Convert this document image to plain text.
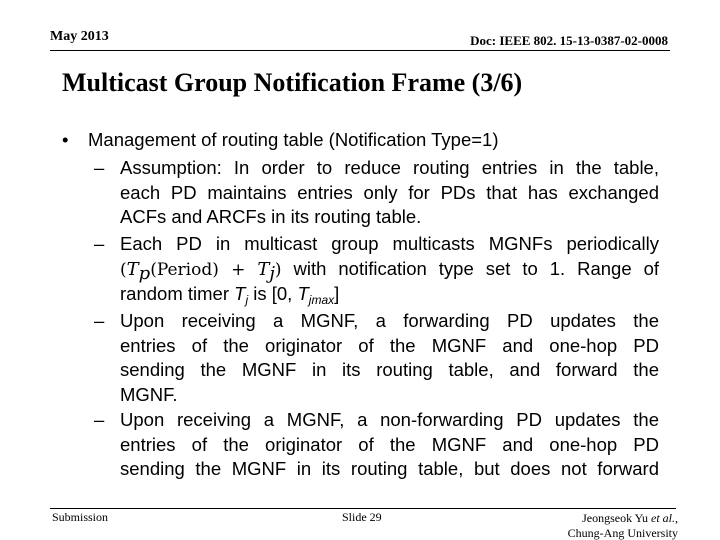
May 2013	Doc: IEEE 802. 15-13-0387-02-0008
Multicast Group Notification Frame (3/6)
• Management of routing table (Notification Type=1)
– Assumption: In order to reduce routing entries in the table,
each PD maintains entries only for PDs that has exchanged
ACFs and ARCFs in its routing table.
– Each PD in multicast group multicasts MGNFs periodically
$(T_p(Period) + T_j)$ with notification type set to 1. Range of
random timer $T_j$ is [0, $T_{jmax}$]
– Upon receiving a MGNF, a forwarding PD updates the
entries of the originator of the MGNF and one-hop PD
sending the MGNF in its routing table, and forward the
MGNF.
– Upon receiving a MGNF, a non-forwarding PD updates the
entries of the originator of the MGNF and one-hop PD
sending the MGNF in its routing table, but does not forward
Submission	Slide 29	Jeongseok Yu et al.,
Chung-Ang University
